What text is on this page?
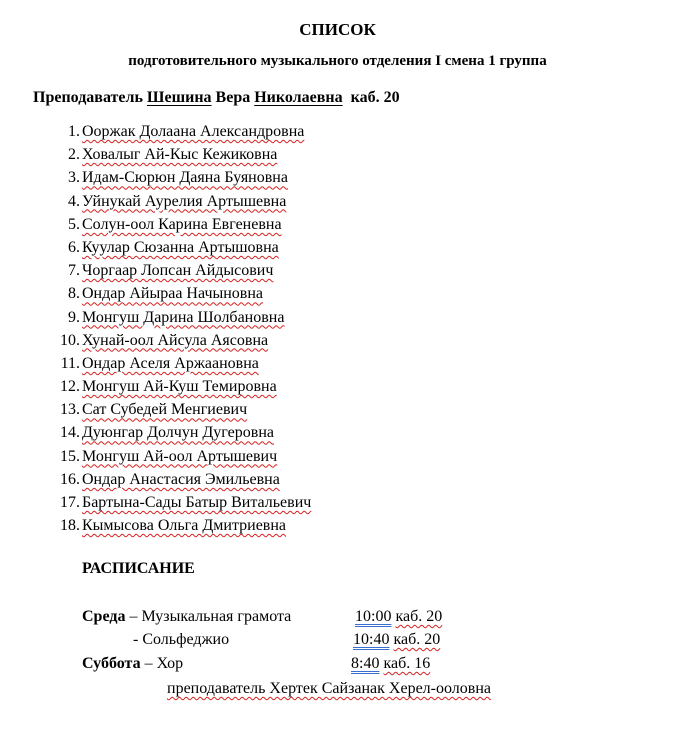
СПИСОК
подготовительного музыкального отделения I смена 1 группа
Преподаватель Шешина Вера Николаевна каб. 20
1. Ооржак Долаана Александровна
2. Ховалыг Ай-Кыс Кежиковна
3. Идам-Сюрюн Даяна Буяновна
4. Уйнукай Аурелия Артышевна
5. Солун-оол Карина Евгеневна
6. Куулар Сюзанна Артышовна
7. Чоргаар Лопсан Айдысович
8. Ондар Айыраа Начыновна
9. Монгуш Дарина Шолбановна
10. Хунай-оол Айсула Аясовна
11. Ондар Аселя Аржаановна
12. Монгуш Ай-Куш Темировна
13. Сат Субедей Менгиевич
14. Дуюнгар Долчун Дугеровна
15. Монгуш Ай-оол Артышевич
16. Ондар Анастасия Эмильевна
17. Бартына-Сады Батыр Витальевич
18. Кымысова Ольга Дмитриевна
РАСПИСАНИЕ
Среда – Музыкальная грамота	10:00 каб. 20
- Сольфеджио	10:40 каб. 20
Суббота – Хор	8:40 каб. 16
преподаватель Хертек Сайзанак Херел-ооловна
